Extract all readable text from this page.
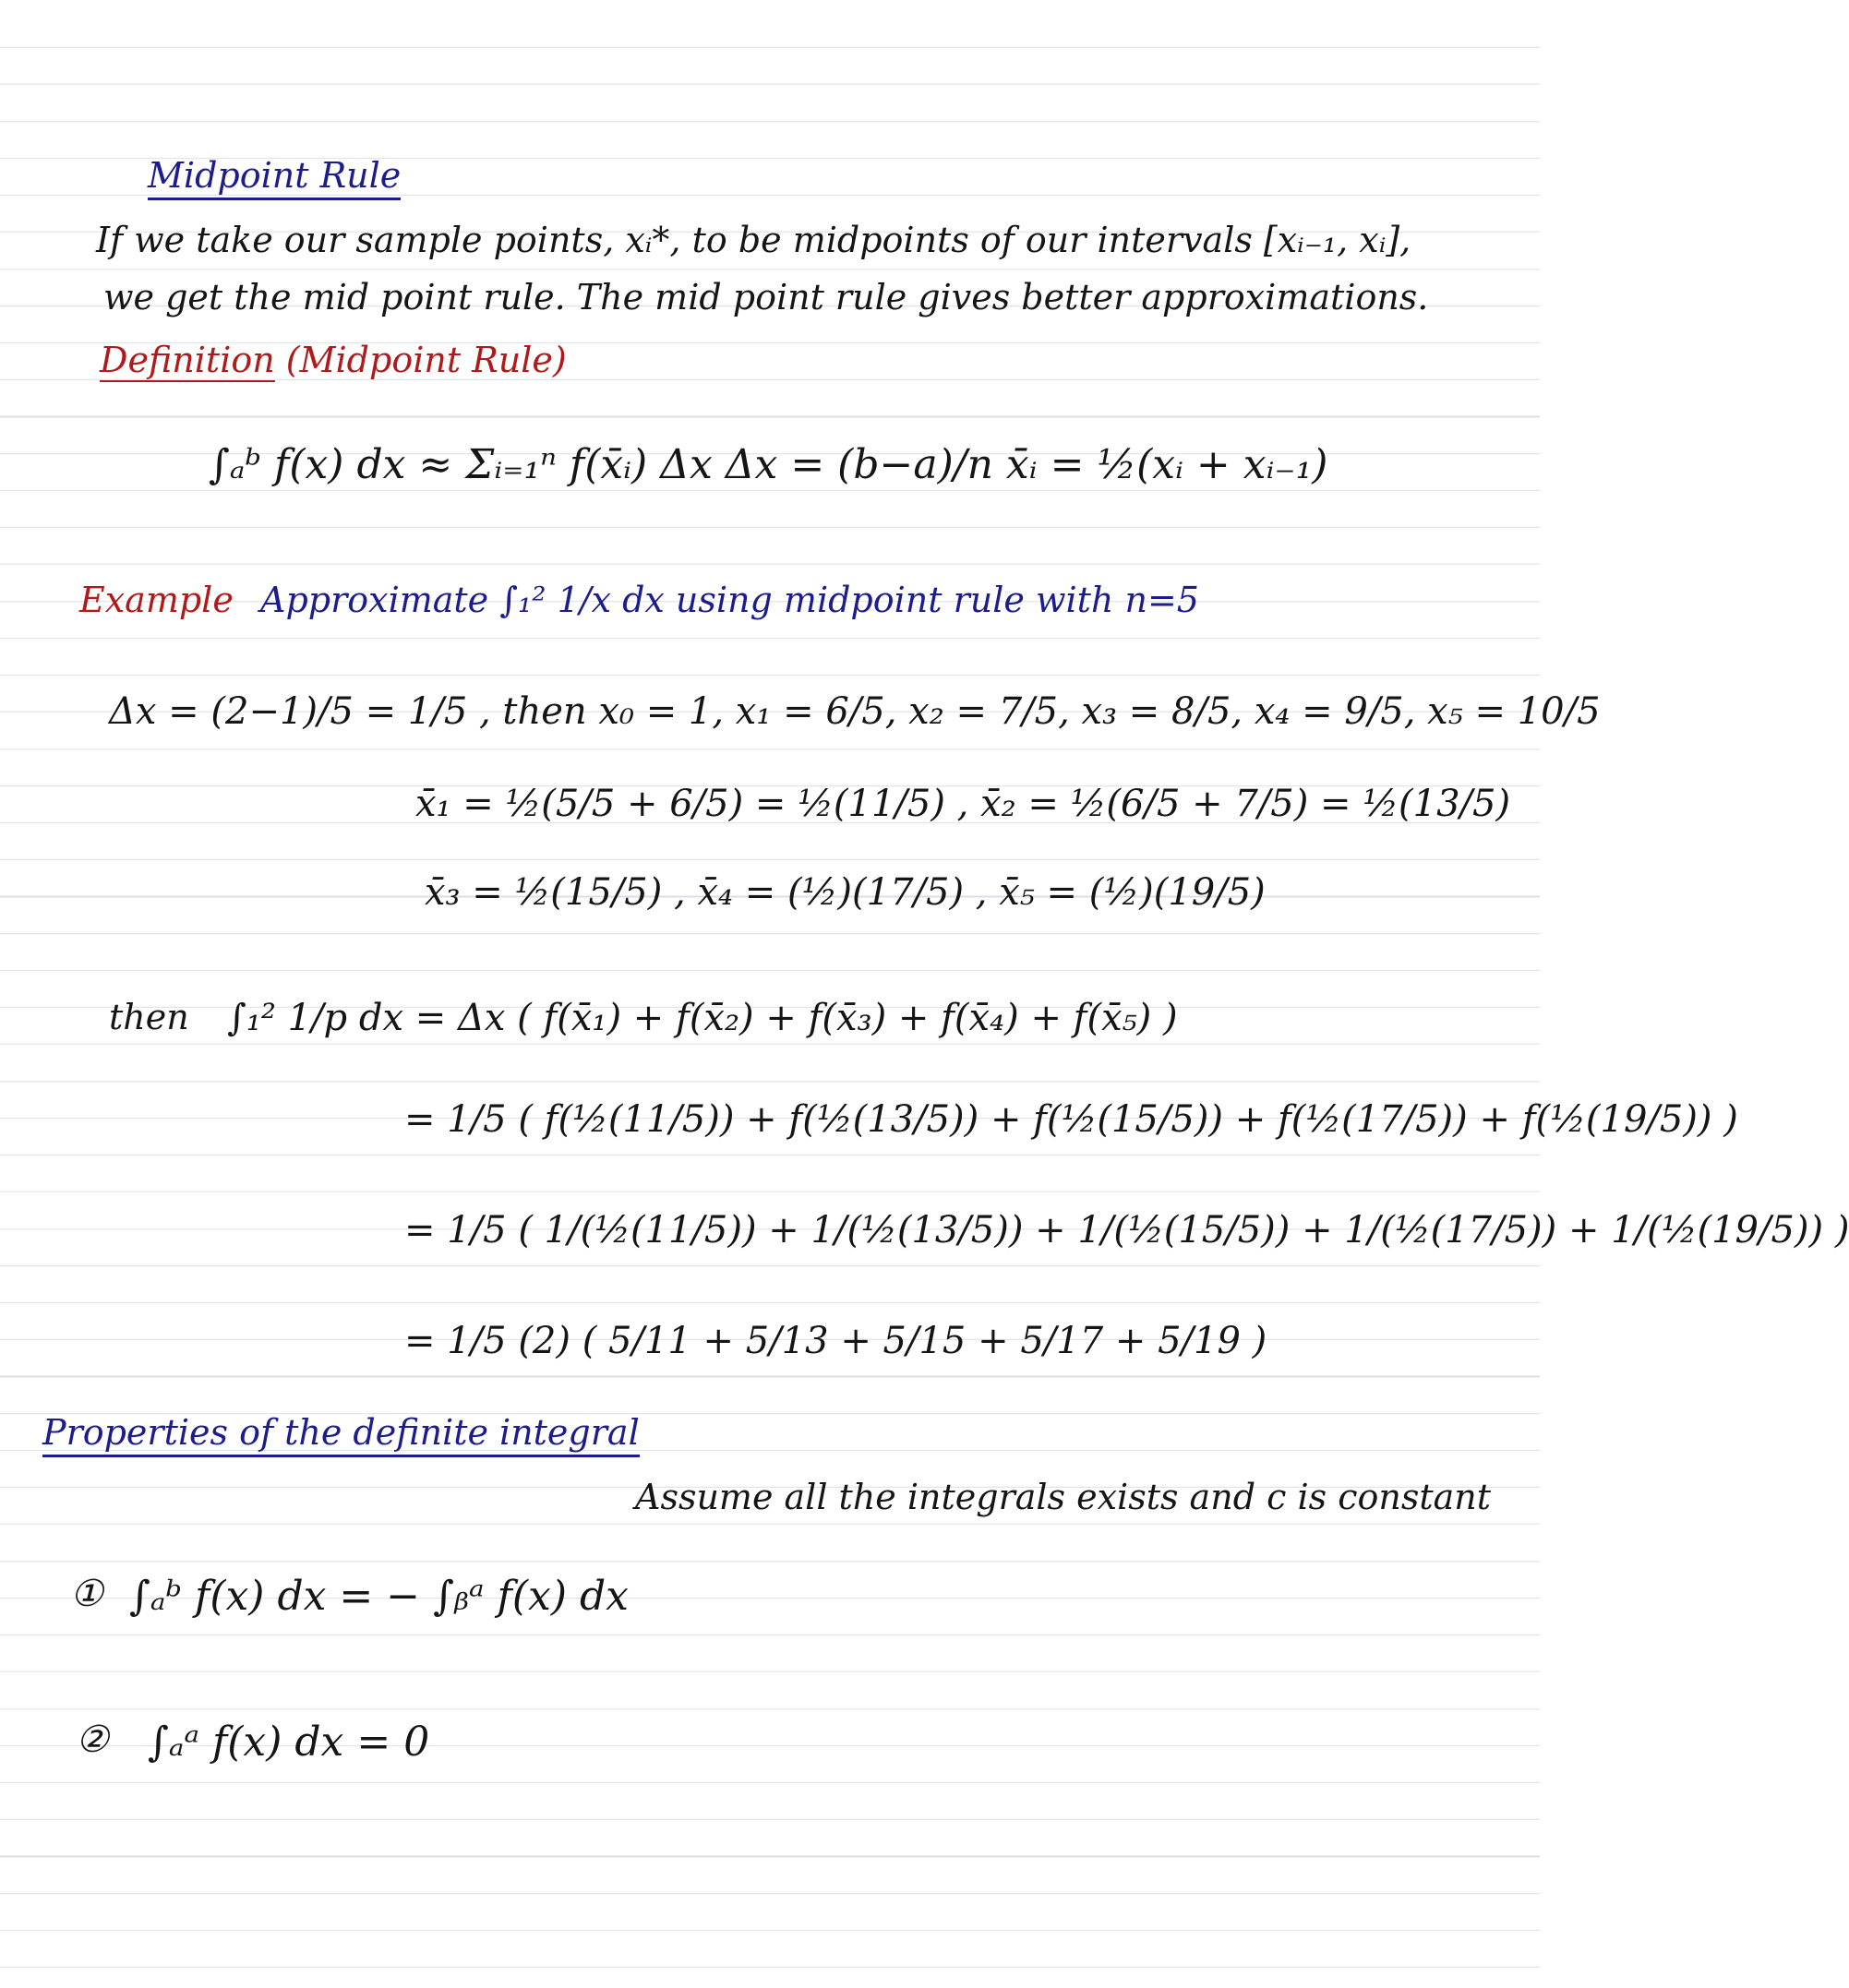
Midpoint Rule
If we take our sample points, xᵢ*, to be midpoints of our intervals [xᵢ₋₁, xᵢ],
we get the mid point rule. The mid point rule gives better approximations.
Definition (Midpoint Rule)
∫ₐᵇ f(x) dx ≈ Σᵢ₌₁ⁿ f(x̄ᵢ) Δx Δx = (b−a)/n x̄ᵢ = ½(xᵢ + xᵢ₋₁)
Example Approximate ∫₁² 1/x dx using midpoint rule with n=5
Δx = (2−1)/5 = 1/5 , then x₀ = 1, x₁ = 6/5, x₂ = 7/5, x₃ = 8/5, x₄ = 9/5, x₅ = 10/5
x̄₁ = ½(5/5 + 6/5) = ½(11/5) , x̄₂ = ½(6/5 + 7/5) = ½(13/5)
x̄₃ = ½(15/5) , x̄₄ = (½)(17/5) , x̄₅ = (½)(19/5)
then ∫₁² 1/p dx = Δx ( f(x̄₁) + f(x̄₂) + f(x̄₃) + f(x̄₄) + f(x̄₅) )
= 1/5 ( f(½(11/5)) + f(½(13/5)) + f(½(15/5)) + f(½(17/5)) + f(½(19/5)) )
= 1/5 ( 1/(½(11/5)) + 1/(½(13/5)) + 1/(½(15/5)) + 1/(½(17/5)) + 1/(½(19/5)) )
= 1/5 (2) ( 5/11 + 5/13 + 5/15 + 5/17 + 5/19 )
Properties of the definite integral
Assume all the integrals exists and c is constant
① ∫ₐᵇ f(x) dx = − ∫ᵦᵃ f(x) dx
② ∫ₐᵃ f(x) dx = 0
